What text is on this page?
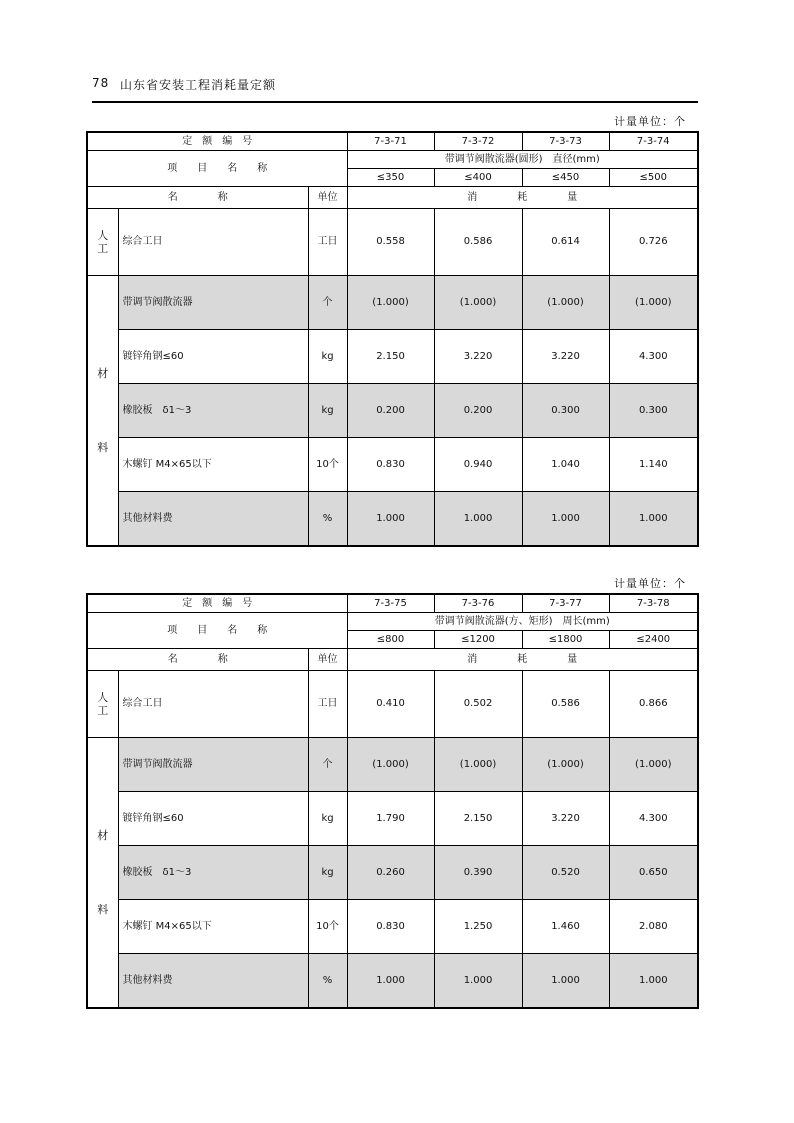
78 山东省安装工程消耗量定额
计量单位：个
定　额　编　号			7-3-71	7-3-72	7-3-73	7-3-74
项　　目　　名　　称			带调节阀散流器(圆形)　直径(mm)			
			≤350	≤400	≤450	≤500
名　　　　称		单位	消　　　　耗　　　　量			
人
工	综合工日	工日	0.558	0.586	0.614	0.726

材
料	带调节阀散流器	个	(1.000)	(1.000)	(1.000)	(1.000)
	镀锌角钢≤60	kg	2.150	3.220	3.220	4.300
	橡胶板　δ1～3	kg	0.200	0.200	0.300	0.300
	木螺钉 M4×65以下	10个	0.830	0.940	1.040	1.140
	其他材料费	%	1.000	1.000	1.000	1.000
计量单位：个
定　额　编　号			7-3-75	7-3-76	7-3-77	7-3-78
项　　目　　名　　称			带调节阀散流器(方、矩形)　周长(mm)			
			≤800	≤1200	≤1800	≤2400
名　　　　称		单位	消　　　　耗　　　　量			
人
工	综合工日	工日	0.410	0.502	0.586	0.866

材
料	带调节阀散流器	个	(1.000)	(1.000)	(1.000)	(1.000)
	镀锌角钢≤60	kg	1.790	2.150	3.220	4.300
	橡胶板　δ1～3	kg	0.260	0.390	0.520	0.650
	木螺钉 M4×65以下	10个	0.830	1.250	1.460	2.080
	其他材料费	%	1.000	1.000	1.000	1.000
